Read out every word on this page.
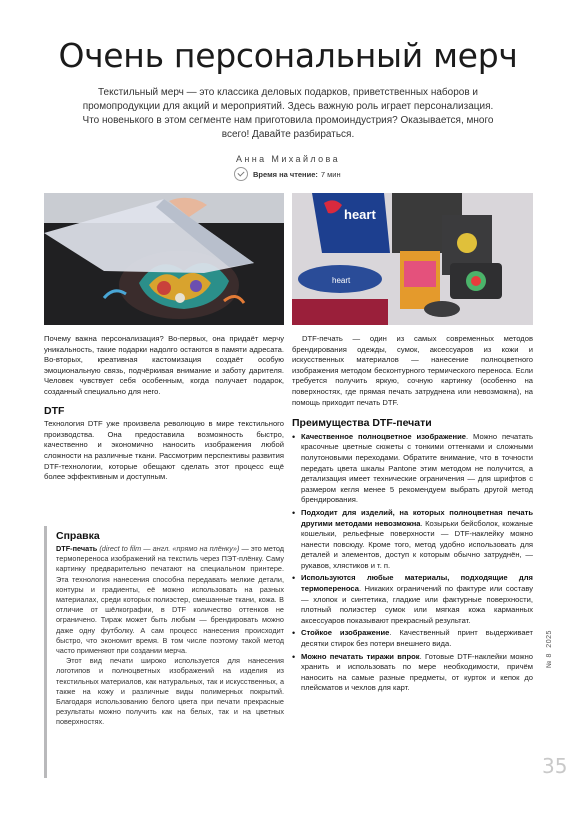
Очень персональный мерч

Текстильный мерч — это классика деловых подарков, приветственных наборов и промопродукции для акций и мероприятий. Здесь важную роль играет персонализация. Что новенького в этом сегменте нам приготовила промоиндустрия? Оказывается, много всего! Давайте разбираться.

Анна Михайлова
Время на чтение: 7 мин
heart
heart

Почему важна персонализация? Во-первых, она придаёт мерчу уникальность, такие подарки надолго остаются в памяти адресата. Во-вторых, креативная кастомизация создаёт особую эмоциональную связь, подчёркивая внимание и заботу дарителя. Человек чувствует себя особенным, когда получает подарок, созданный специально для него.

DTF

Технология DTF уже произвела революцию в мире текстильного производства. Она предоставила возможность быстро, качественно и экономично наносить изображения любой сложности на различные ткани. Рассмотрим перспективы развития DTF-технологии, которые обещают сделать этот процесс ещё более эффективным и доступным.

Справка

DTF-печать (direct to film — англ. «прямо на плёнку») — это метод термопереноса изображений на текстиль через ПЭТ-плёнку. Саму картинку предварительно печатают на специальном принтере. Эта технология нанесения способна передавать мелкие детали, контуры и градиенты, её можно использовать на разных материалах, среди которых полиэстер, смешанные ткани, кожа. В отличие от шёлкографии, в DTF количество оттенков не ограничено. Тираж может быть любым — брендировать можно даже одну футболку. А сам процесс нанесения происходит быстро, что экономит время. В том числе поэтому такой метод часто применяют при создании мерча.

Этот вид печати широко используется для нанесения логотипов и полноцветных изображений на изделия из текстильных материалов, как натуральных, так и искусственных, а также на кожу и различные виды полимерных покрытий. Благодаря использованию белого цвета при печати прекрасные результаты можно получить как на белых, так и на цветных поверхностях.

DTF-печать — один из самых современных методов брендирования одежды, сумок, аксессуаров из кожи и искусственных материалов — нанесение полноцветного изображения методом бесконтурного термического переноса. Если требуется получить яркую, сочную картинку (особенно на поверхностях, где прямая печать затруднена или невозможна), на помощь приходит печать DTF.

Преимущества DTF-печати
• Качественное полноцветное изображение. Можно печатать красочные цветные сюжеты с тонкими оттенками и сложными полутоновыми переходами. Обратите внимание, что в точности передать цвета шкалы Pantone этим методом не получится, а детализация имеет технические ограничения — для шрифтов с размером кегля менее 5 рекомендуем выбрать другой метод брендирования.
• Подходит для изделий, на которых полноцветная печать другими методами невозможна. Козырьки бейсболок, кожаные кошельки, рельефные поверхности — DTF-наклейку можно нанести повсюду. Кроме того, метод удобно использовать для деталей и элементов, доступ к которым обычно затруднён, — рукавов, хлястиков и т. п.
• Используются любые материалы, подходящие для термопереноса. Никаких ограничений по фактуре или составу — хлопок и синтетика, гладкие или фактурные поверхности, плотный полиэстер сумок или мягкая кожа карманных аксессуаров показывают прекрасный результат.
• Стойкое изображение. Качественный принт выдерживает десятки стирок без потери внешнего вида.
• Можно печатать тиражи впрок. Готовые DTF-наклейки можно хранить и использовать по мере необходимости, причём наносить на самые разные предметы, от курток и кепок до плейсматов и чехлов для карт.
№ 8 2025
35
